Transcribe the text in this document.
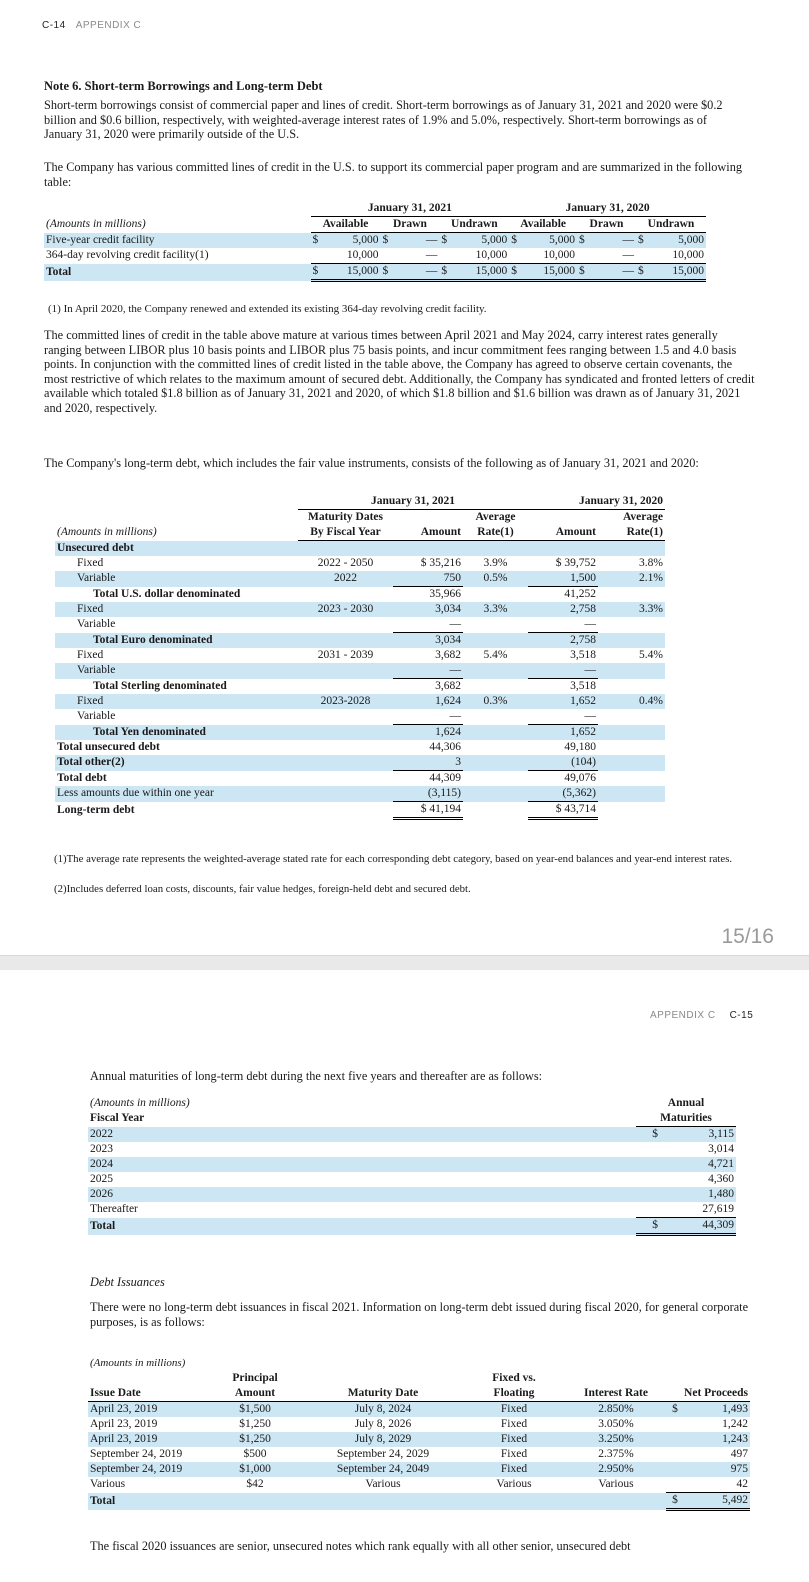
C-14 APPENDIX C
Note 6. Short-term Borrowings and Long-term Debt

Short-term borrowings consist of commercial paper and lines of credit. Short-term borrowings as of January 31, 2021 and 2020 were $0.2 billion and $0.6 billion, respectively, with weighted-average interest rates of 1.9% and 5.0%, respectively. Short-term borrowings as of January 31, 2020 were primarily outside of the U.S.

The Company has various committed lines of credit in the U.S. to support its commercial paper program and are summarized in the following table:

	January 31, 2021						January 31, 2020					
(Amounts in millions)	Available		Drawn		Undrawn		Available		Drawn		Undrawn	
Five-year credit facility	$	5,000	$	—	$	5,000	$	5,000	$	—	$	5,000
364-day revolving credit facility(1)		10,000		—		10,000		10,000		—		10,000
Total	$	15,000	$	—	$	15,000	$	15,000	$	—	$	15,000
(1) In April 2020, the Company renewed and extended its existing 364-day revolving credit facility.

The committed lines of credit in the table above mature at various times between April 2021 and May 2024, carry interest rates generally ranging between LIBOR plus 10 basis points and LIBOR plus 75 basis points, and incur commitment fees ranging between 1.5 and 4.0 basis points. In conjunction with the committed lines of credit listed in the table above, the Company has agreed to observe certain covenants, the most restrictive of which relates to the maximum amount of secured debt. Additionally, the Company has syndicated and fronted letters of credit available which totaled $1.8 billion as of January 31, 2021 and 2020, of which $1.8 billion and $1.6 billion was drawn as of January 31, 2021 and 2020, respectively.

The Company's long-term debt, which includes the fair value instruments, consists of the following as of January 31, 2021 and 2020:

	January 31, 2021			January 31, 2020	
	Maturity Dates		Average		Average
(Amounts in millions)	By Fiscal Year	Amount	Rate(1)	Amount	Rate(1)
Unsecured debt					
Fixed	2022 - 2050	$ 35,216	3.9%	$ 39,752	3.8%
Variable	2022	750	0.5%	1,500	2.1%
Total U.S. dollar denominated		35,966		41,252	
Fixed	2023 - 2030	3,034	3.3%	2,758	3.3%
Variable		—		—	
Total Euro denominated		3,034		2,758	
Fixed	2031 - 2039	3,682	5.4%	3,518	5.4%
Variable		—		—	
Total Sterling denominated		3,682		3,518	
Fixed	2023-2028	1,624	0.3%	1,652	0.4%
Variable		—		—	
Total Yen denominated		1,624		1,652	
Total unsecured debt		44,306		49,180	
Total other(2)		3		(104)	
Total debt		44,309		49,076	
Less amounts due within one year		(3,115)		(5,362)	
Long-term debt		$ 41,194		$ 43,714	
(1)The average rate represents the weighted-average stated rate for each corresponding debt category, based on year-end balances and year-end interest rates.
(2)Includes deferred loan costs, discounts, fair value hedges, foreign-held debt and secured debt.
15/16
APPENDIX C C-15

Annual maturities of long-term debt during the next five years and thereafter are as follows:

(Amounts in millions)	Annual	
Fiscal Year	Maturities	
2022	$	3,115
2023		3,014
2024		4,721
2025		4,360
2026		1,480
Thereafter		27,619
Total	$	44,309
Debt Issuances

There were no long-term debt issuances in fiscal 2021. Information on long-term debt issued during fiscal 2020, for general corporate purposes, is as follows:

(Amounts in millions)						
	Principal		Fixed vs.			
Issue Date	Amount	Maturity Date	Floating	Interest Rate	Net Proceeds	
April 23, 2019	$1,500	July 8, 2024	Fixed	2.850%	$	1,493
April 23, 2019	$1,250	July 8, 2026	Fixed	3.050%		1,242
April 23, 2019	$1,250	July 8, 2029	Fixed	3.250%		1,243
September 24, 2019	$500	September 24, 2029	Fixed	2.375%		497
September 24, 2019	$1,000	September 24, 2049	Fixed	2.950%		975
Various	$42	Various	Various	Various		42
Total					$	5,492

The fiscal 2020 issuances are senior, unsecured notes which rank equally with all other senior, unsecured debt
